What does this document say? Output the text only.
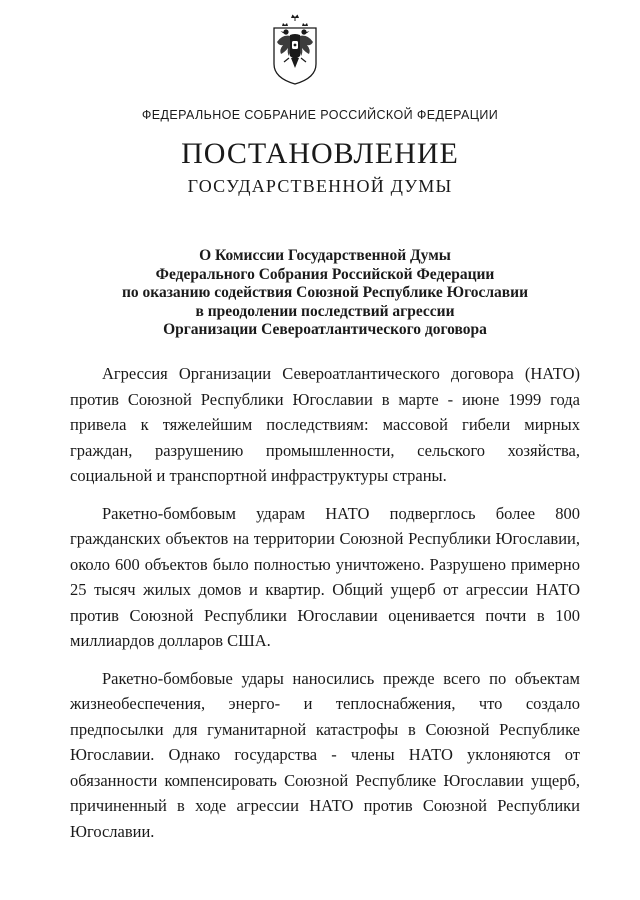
ФЕДЕРАЛЬНОЕ СОБРАНИЕ РОССИЙСКОЙ ФЕДЕРАЦИИ
ПОСТАНОВЛЕНИЕ
ГОСУДАРСТВЕННОЙ ДУМЫ
О Комиссии Государственной Думы
Федерального Собрания Российской Федерации
по оказанию содействия Союзной Республике Югославии
в преодолении последствий агрессии
Организации Североатлантического договора

Агрессия Организации Североатлантического договора (НАТО) против Союзной Республики Югославии в марте - июне 1999 года привела к тяжелейшим последствиям: массовой гибели мирных граждан, разрушению промышленности, сельского хозяйства, социальной и транспортной инфраструктуры страны.

Ракетно-бомбовым ударам НАТО подверглось более 800 гражданских объектов на территории Союзной Республики Югославии, около 600 объектов было полностью уничтожено. Разрушено примерно 25 тысяч жилых домов и квартир. Общий ущерб от агрессии НАТО против Союзной Республики Югославии оценивается почти в 100 миллиардов долларов США.

Ракетно-бомбовые удары наносились прежде всего по объектам жизнеобеспечения, энерго- и теплоснабжения, что создало предпосылки для гуманитарной катастрофы в Союзной Республике Югославии. Однако государства - члены НАТО уклоняются от обязанности компенсировать Союзной Республике Югославии ущерб, причиненный в ходе агрессии НАТО против Союзной Республики Югославии.
